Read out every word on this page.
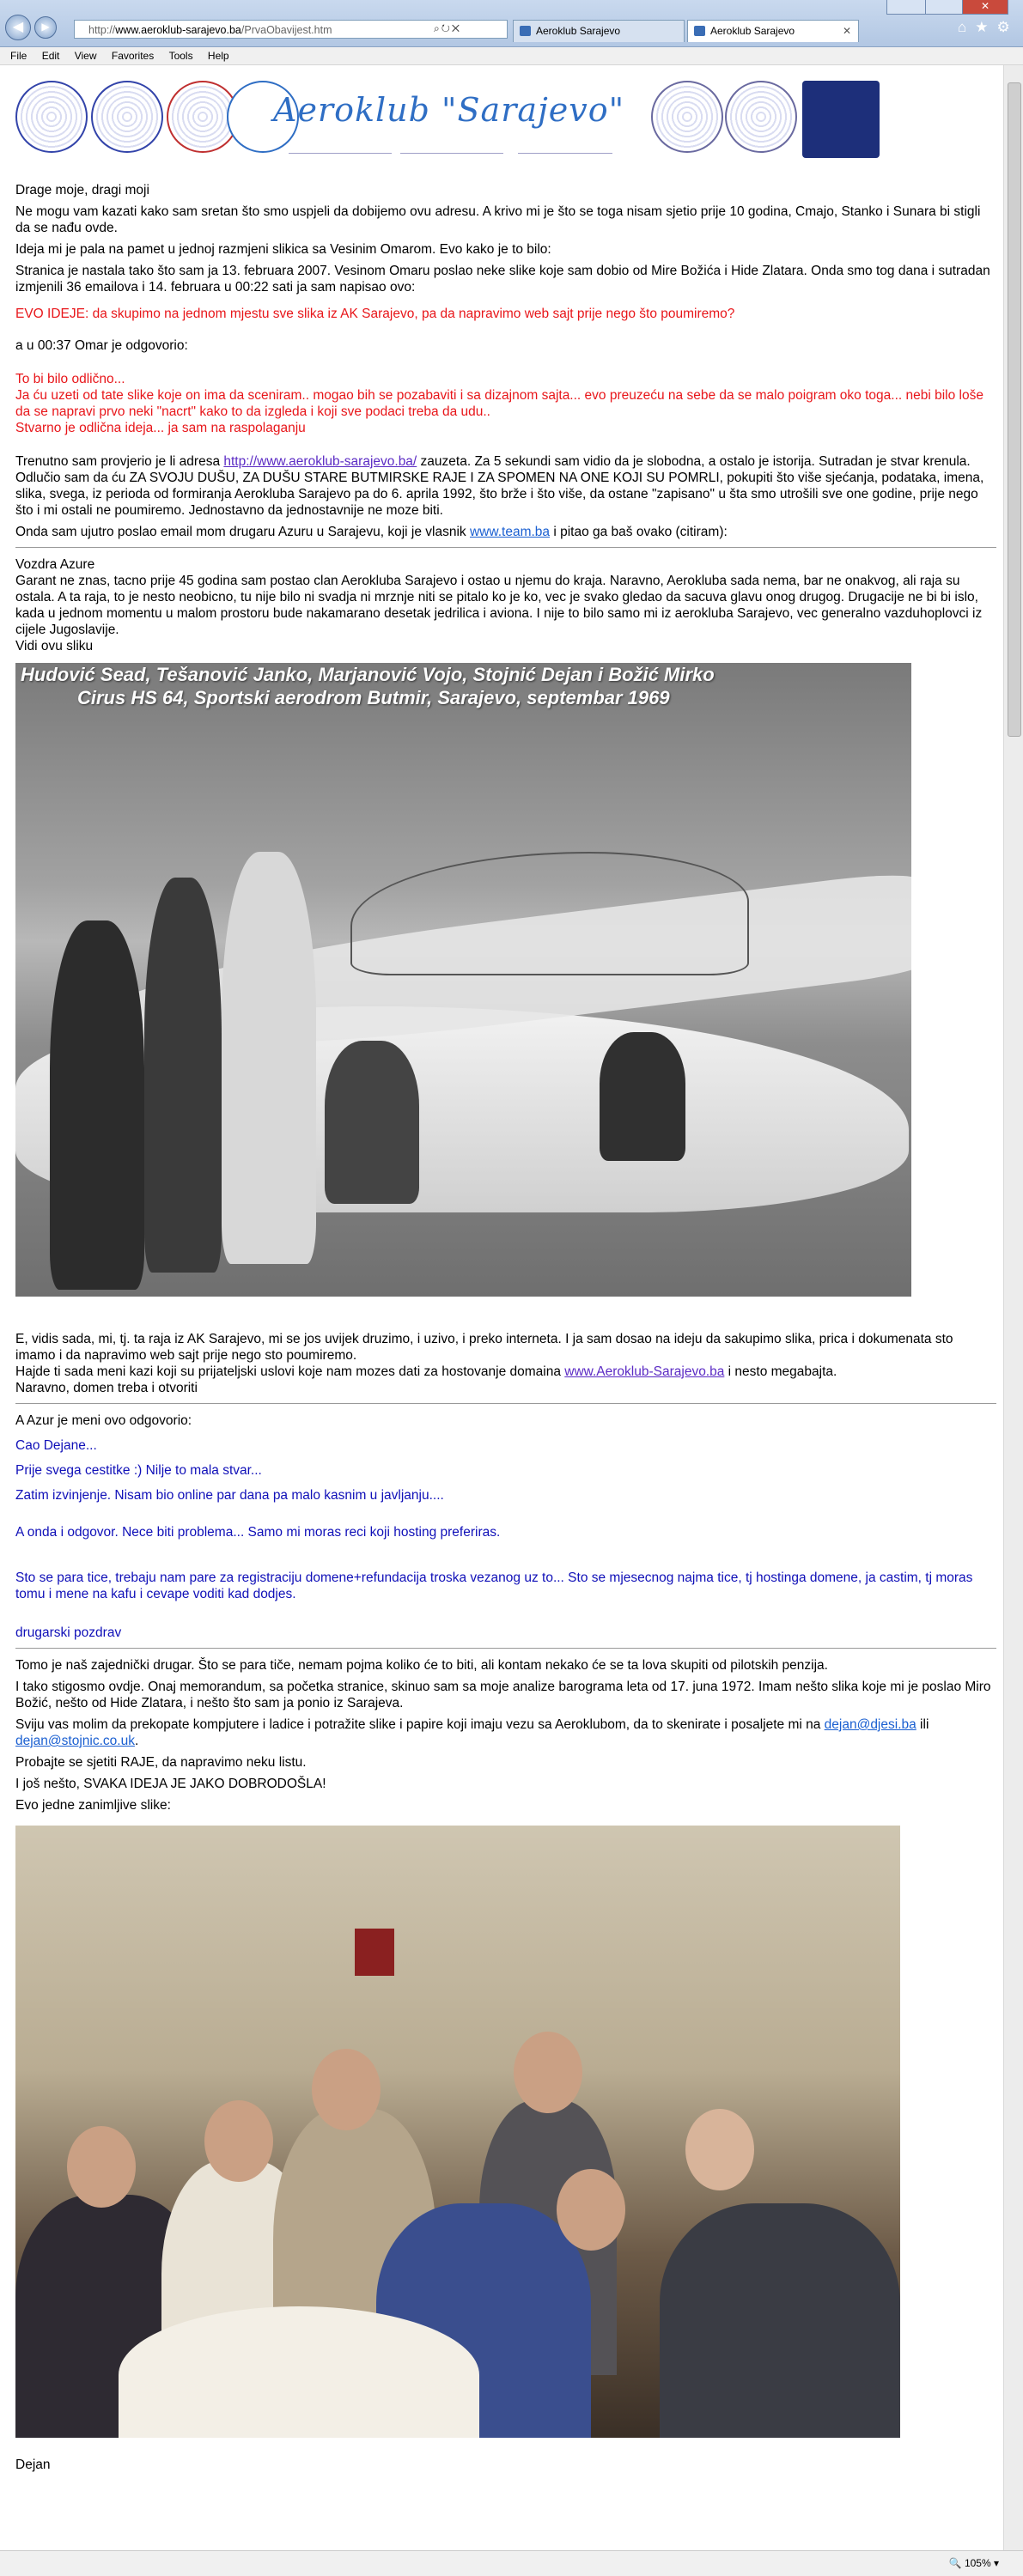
✕
◀	▶	http://www.aeroklub-sarajevo.ba/PrvaObavijest.htm	⌕↻✕	Aeroklub Sarajevo	Aeroklub Sarajevo	✕	⌂★⚙
File Edit View Favorites Tools Help
Aeroklub "Sarajevo"

Drage moje, dragi moji

Ne mogu vam kazati kako sam sretan što smo uspjeli da dobijemo ovu adresu. A krivo mi je što se toga nisam sjetio prije 10 godina, Cmajo, Stanko i Sunara bi stigli da se nađu ovde.

Ideja mi je pala na pamet u jednoj razmjeni slikica sa Vesinim Omarom. Evo kako je to bilo:

Stranica je nastala tako što sam ja 13. februara 2007. Vesinom Omaru poslao neke slike koje sam dobio od Mire Božića i Hide Zlatara. Onda smo tog dana i sutradan izmjenili 36 emailova i 14. februara u 00:22 sati ja sam napisao ovo:

EVO IDEJE: da skupimo na jednom mjestu sve slika iz AK Sarajevo, pa da napravimo web sajt prije nego što poumiremo?

a u 00:37 Omar je odgovorio:

To bi bilo odlično...

Ja ću uzeti od tate slike koje on ima da sceniram.. mogao bih se pozabaviti i sa dizajnom sajta... evo preuzeću na sebe da se malo poigram oko toga... nebi bilo loše da se napravi prvo neki "nacrt" kako to da izgleda i koji sve podaci treba da udu..

Stvarno je odlična ideja... ja sam na raspolaganju

Trenutno sam provjerio je li adresa http://www.aeroklub-sarajevo.ba/ zauzeta. Za 5 sekundi sam vidio da je slobodna, a ostalo je istorija. Sutradan je stvar krenula. Odlučio sam da ću ZA SVOJU DUŠU, ZA DUŠU STARE BUTMIRSKE RAJE I ZA SPOMEN NA ONE KOJI SU POMRLI, pokupiti što više sjećanja, podataka, imena, slika, svega, iz perioda od formiranja Aerokluba Sarajevo pa do 6. aprila 1992, što brže i što više, da ostane "zapisano" u šta smo utrošili sve one godine, prije nego što i mi ostali ne poumiremo. Jednostavno da jednostavnije ne moze biti.

Onda sam ujutro poslao email mom drugaru Azuru u Sarajevu, koji je vlasnik www.team.ba i pitao ga baš ovako (citiram):

Vozdra Azure

Garant ne znas, tacno prije 45 godina sam postao clan Aerokluba Sarajevo i ostao u njemu do kraja. Naravno, Aerokluba sada nema, bar ne onakvog, ali raja su ostala. A ta raja, to je nesto neobicno, tu nije bilo ni svadja ni mrznje niti se pitalo ko je ko, vec je svako gledao da sacuva glavu onog drugog. Drugacije ne bi bi islo, kada u jednom momentu u malom prostoru bude nakamarano desetak jedrilica i aviona. I nije to bilo samo mi iz aerokluba Sarajevo, vec generalno vazduhoplovci iz cijele Jugoslavije.

Vidi ovu sliku

Hudović Sead, Tešanović Janko, Marjanović Vojo, Stojnić Dejan i Božić Mirko
Cirus HS 64, Sportski aerodrom Butmir, Sarajevo, septembar 1969

E, vidis sada, mi, tj. ta raja iz AK Sarajevo, mi se jos uvijek druzimo, i uzivo, i preko interneta. I ja sam dosao na ideju da sakupimo slika, prica i dokumenata sto imamo i da napravimo web sajt prije nego sto poumiremo.

Hajde ti sada meni kazi koji su prijateljski uslovi koje nam mozes dati za hostovanje domaina www.Aeroklub-Sarajevo.ba i nesto megabajta.

Naravno, domen treba i otvoriti

A Azur je meni ovo odgovorio:

Cao Dejane...

Prije svega cestitke :) Nilje to mala stvar...

Zatim izvinjenje. Nisam bio online par dana pa malo kasnim u javljanju....

A onda i odgovor. Nece biti problema... Samo mi moras reci koji hosting preferiras.

Sto se para tice, trebaju nam pare za registraciju domene+refundacija troska vezanog uz to... Sto se mjesecnog najma tice, tj hostinga domene, ja castim, tj moras tomu i mene na kafu i cevape voditi kad dodjes.

drugarski pozdrav

Tomo je naš zajednički drugar. Što se para tiče, nemam pojma koliko će to biti, ali kontam nekako će se ta lova skupiti od pilotskih penzija.

I tako stigosmo ovdje. Onaj memorandum, sa početka stranice, skinuo sam sa moje analize barograma leta od 17. juna 1972. Imam nešto slika koje mi je poslao Miro Božić, nešto od Hide Zlatara, i nešto što sam ja ponio iz Sarajeva.

Sviju vas molim da prekopate kompjutere i ladice i potražite slike i papire koji imaju vezu sa Aeroklubom, da to skenirate i posaljete mi na dejan@djesi.ba ili dejan@stojnic.co.uk.

Probajte se sjetiti RAJE, da napravimo neku listu.

I još nešto, SVAKA IDEJA JE JAKO DOBRODOŠLA!

Evo jedne zanimljive slike:

Dejan

🔍 105% ▾
